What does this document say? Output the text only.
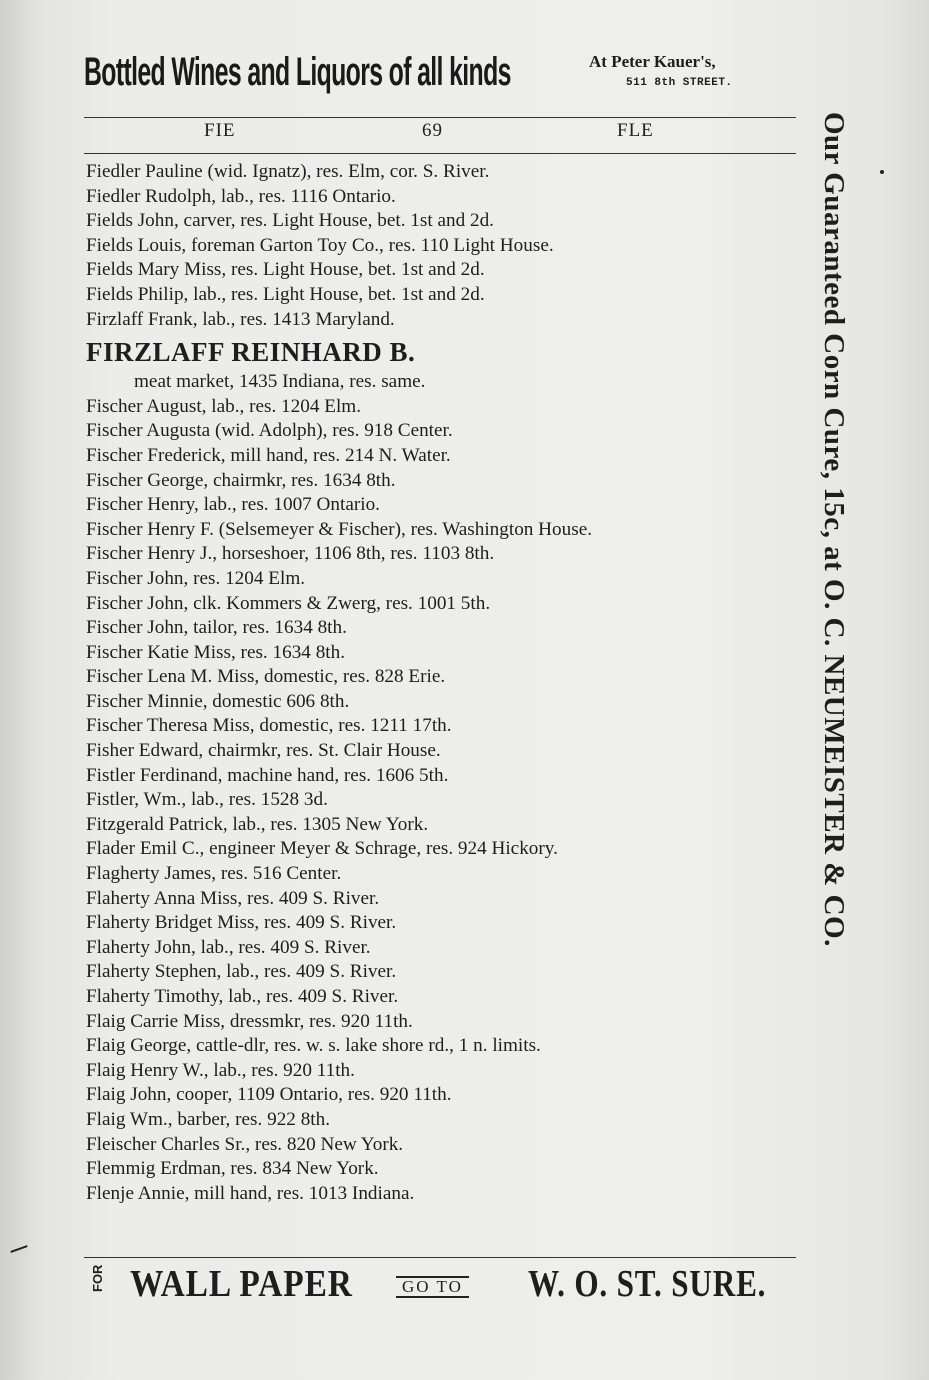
Bottled Wines and Liquors of all kinds	At Peter Kauer's,
511 8th STREET.
FIE	69	FLE
Fiedler Pauline (wid. Ignatz), res. Elm, cor. S. River.
Fiedler Rudolph, lab., res. 1116 Ontario.
Fields John, carver, res. Light House, bet. 1st and 2d.
Fields Louis, foreman Garton Toy Co., res. 110 Light House.
Fields Mary Miss, res. Light House, bet. 1st and 2d.
Fields Philip, lab., res. Light House, bet. 1st and 2d.
Firzlaff Frank, lab., res. 1413 Maryland.
FIRZLAFF REINHARD B.
meat market, 1435 Indiana, res. same.
Fischer August, lab., res. 1204 Elm.
Fischer Augusta (wid. Adolph), res. 918 Center.
Fischer Frederick, mill hand, res. 214 N. Water.
Fischer George, chairmkr, res. 1634 8th.
Fischer Henry, lab., res. 1007 Ontario.
Fischer Henry F. (Selsemeyer & Fischer), res. Washington House.
Fischer Henry J., horseshoer, 1106 8th, res. 1103 8th.
Fischer John, res. 1204 Elm.
Fischer John, clk. Kommers & Zwerg, res. 1001 5th.
Fischer John, tailor, res. 1634 8th.
Fischer Katie Miss, res. 1634 8th.
Fischer Lena M. Miss, domestic, res. 828 Erie.
Fischer Minnie, domestic 606 8th.
Fischer Theresa Miss, domestic, res. 1211 17th.
Fisher Edward, chairmkr, res. St. Clair House.
Fistler Ferdinand, machine hand, res. 1606 5th.
Fistler, Wm., lab., res. 1528 3d.
Fitzgerald Patrick, lab., res. 1305 New York.
Flader Emil C., engineer Meyer & Schrage, res. 924 Hickory.
Flagherty James, res. 516 Center.
Flaherty Anna Miss, res. 409 S. River.
Flaherty Bridget Miss, res. 409 S. River.
Flaherty John, lab., res. 409 S. River.
Flaherty Stephen, lab., res. 409 S. River.
Flaherty Timothy, lab., res. 409 S. River.
Flaig Carrie Miss, dressmkr, res. 920 11th.
Flaig George, cattle-dlr, res. w. s. lake shore rd., 1 n. limits.
Flaig Henry W., lab., res. 920 11th.
Flaig John, cooper, 1109 Ontario, res. 920 11th.
Flaig Wm., barber, res. 922 8th.
Fleischer Charles Sr., res. 820 New York.
Flemmig Erdman, res. 834 New York.
Flenje Annie, mill hand, res. 1013 Indiana.
FOR WALL PAPER	GO TO W. O. ST. SURE.
Our Guaranteed Corn Cure, 15c, at O. C. NEUMEISTER & CO.
